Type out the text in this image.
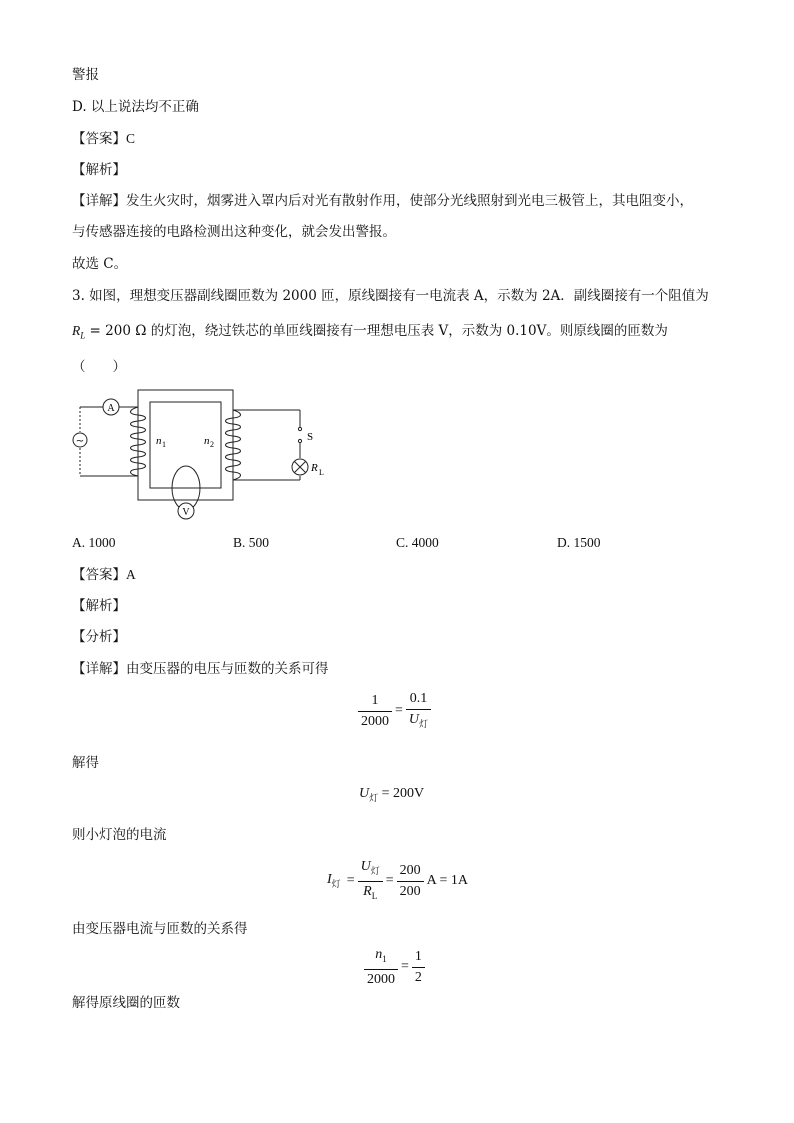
警报
D. 以上说法均不正确
【答案】C
【解析】
【详解】发生火灾时，烟雾进入罩内后对光有散射作用，使部分光线照射到光电三极管上，其电阻变小，
与传感器连接的电路检测出这种变化，就会发出警报。
故选 C。
3. 如图，理想变压器副线圈匝数为 2000 匝，原线圈接有一电流表 A，示数为 2A．副线圈接有一个阻值为
$R_L = 200$ Ω 的灯泡，绕过铁芯的单匝线圈接有一理想电压表 V，示数为 0.10V。则原线圈的匝数为
（　　）
A
~	S
R L
V
n 1	n 2
A. 1000	B. 500	C. 4000	D. 1500
【答案】A
【解析】
【分析】
【详解】由变压器的电压与匝数的关系可得
$\frac{1}{2000} = \frac{0.1}{U_灯}$
解得
$U_灯 = 200V$
则小灯泡的电流
$I_灯 = \frac{U_灯}{R_L} = \frac{200}{200}$ A = 1A
由变压器电流与匝数的关系得
$\frac{n_1}{2000} = \frac{1}{2}$
解得原线圈的匝数
